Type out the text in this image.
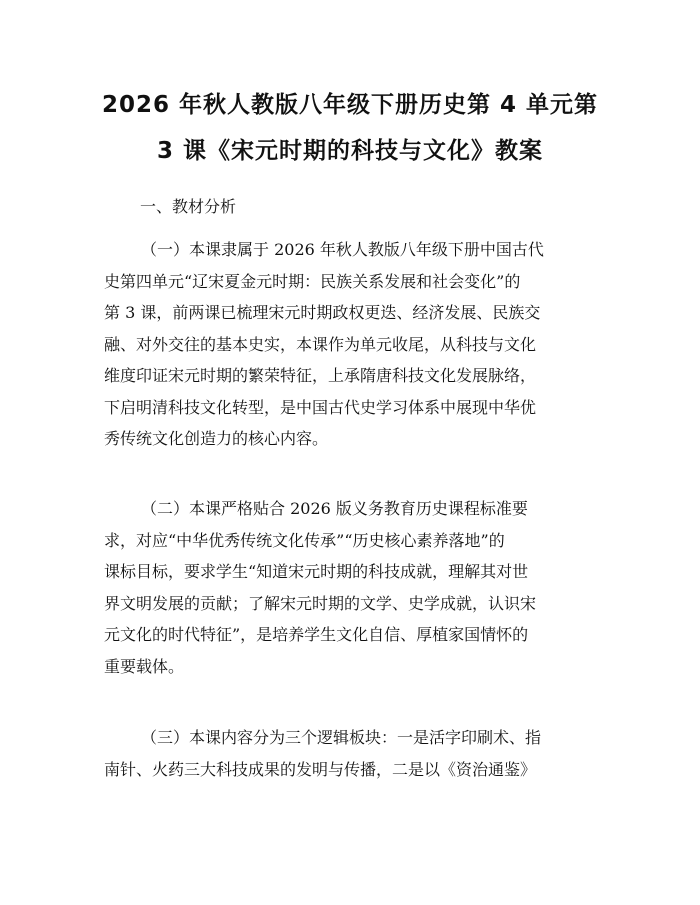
2026 年秋人教版八年级下册历史第 4 单元第
3 课《宋元时期的科技与文化》教案
一、教材分析
（一）本课隶属于 2026 年秋人教版八年级下册中国古代
史第四单元“辽宋夏金元时期：民族关系发展和社会变化”的
第 3 课，前两课已梳理宋元时期政权更迭、经济发展、民族交
融、对外交往的基本史实，本课作为单元收尾，从科技与文化
维度印证宋元时期的繁荣特征，上承隋唐科技文化发展脉络，
下启明清科技文化转型，是中国古代史学习体系中展现中华优
秀传统文化创造力的核心内容。
（二）本课严格贴合 2026 版义务教育历史课程标准要
求，对应“中华优秀传统文化传承”“历史核心素养落地”的
课标目标，要求学生“知道宋元时期的科技成就，理解其对世
界文明发展的贡献；了解宋元时期的文学、史学成就，认识宋
元文化的时代特征”，是培养学生文化自信、厚植家国情怀的
重要载体。
（三）本课内容分为三个逻辑板块：一是活字印刷术、指
南针、火药三大科技成果的发明与传播，二是以《资治通鉴》
